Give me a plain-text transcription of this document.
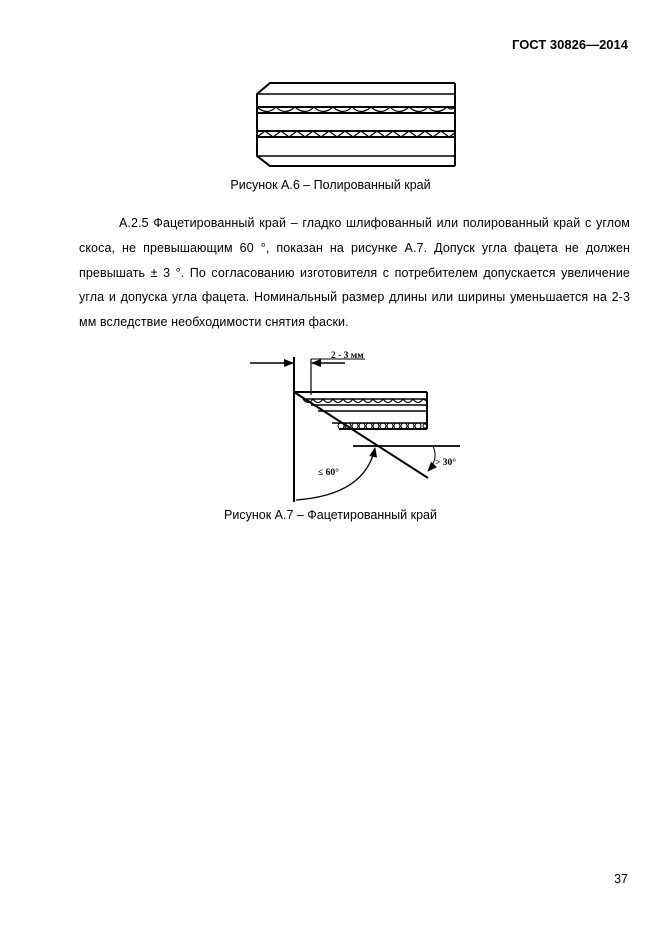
ГОСТ 30826—2014
Рисунок А.6 – Полированный край

А.2.5 Фацетированный край – гладко шлифованный или полированный край с углом скоса, не превышающим 60 °, показан на рисунке А.7. Допуск угла фацета не должен превышать ± 3 °. По согласованию изготовителя с потребителем допускается увеличение угла и допуска угла фацета. Номинальный размер длины или ширины уменьшается на 2-3 мм вследствие необходимости снятия фаски.

2 - 3 мм
≤ 60°
> 30°
Рисунок А.7 – Фацетированный край
37
